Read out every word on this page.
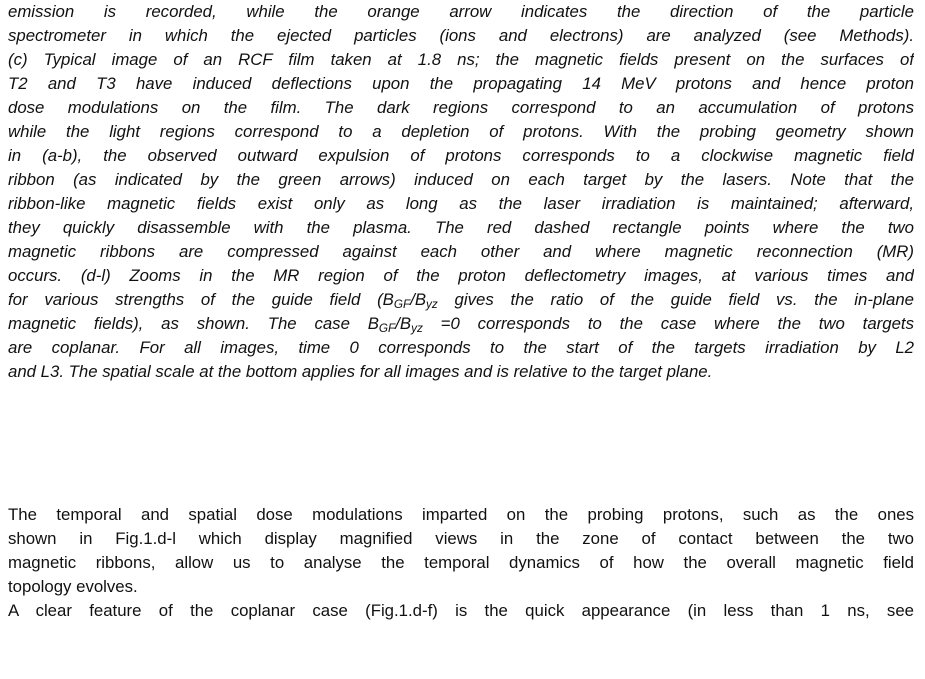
emission is recorded, while the orange arrow indicates the direction of the particle
spectrometer in which the ejected particles (ions and electrons) are analyzed (see Methods).
(c) Typical image of an RCF film taken at 1.8 ns; the magnetic fields present on the surfaces of
T2 and T3 have induced deflections upon the propagating 14 MeV protons and hence proton
dose modulations on the film. The dark regions correspond to an accumulation of protons
while the light regions correspond to a depletion of protons. With the probing geometry shown
in (a-b), the observed outward expulsion of protons corresponds to a clockwise magnetic field
ribbon (as indicated by the green arrows) induced on each target by the lasers. Note that the
ribbon-like magnetic fields exist only as long as the laser irradiation is maintained; afterward,
they quickly disassemble with the plasma. The red dashed rectangle points where the two
magnetic ribbons are compressed against each other and where magnetic reconnection (MR)
occurs. (d-l) Zooms in the MR region of the proton deflectometry images, at various times and
for various strengths of the guide field ($B_{GF}/B_{yz}$ gives the ratio of the guide field vs. the in-plane
magnetic fields), as shown. The case $B_{GF}/B_{yz} =0$ corresponds to the case where the two targets
are coplanar. For all images, time 0 corresponds to the start of the targets irradiation by L2
and L3. The spatial scale at the bottom applies for all images and is relative to the target plane.
The temporal and spatial dose modulations imparted on the probing protons, such as the ones
shown in Fig.1.d-l which display magnified views in the zone of contact between the two
magnetic ribbons, allow us to analyse the temporal dynamics of how the overall magnetic field
topology evolves.
A clear feature of the coplanar case (Fig.1.d-f) is the quick appearance (in less than 1 ns, see
